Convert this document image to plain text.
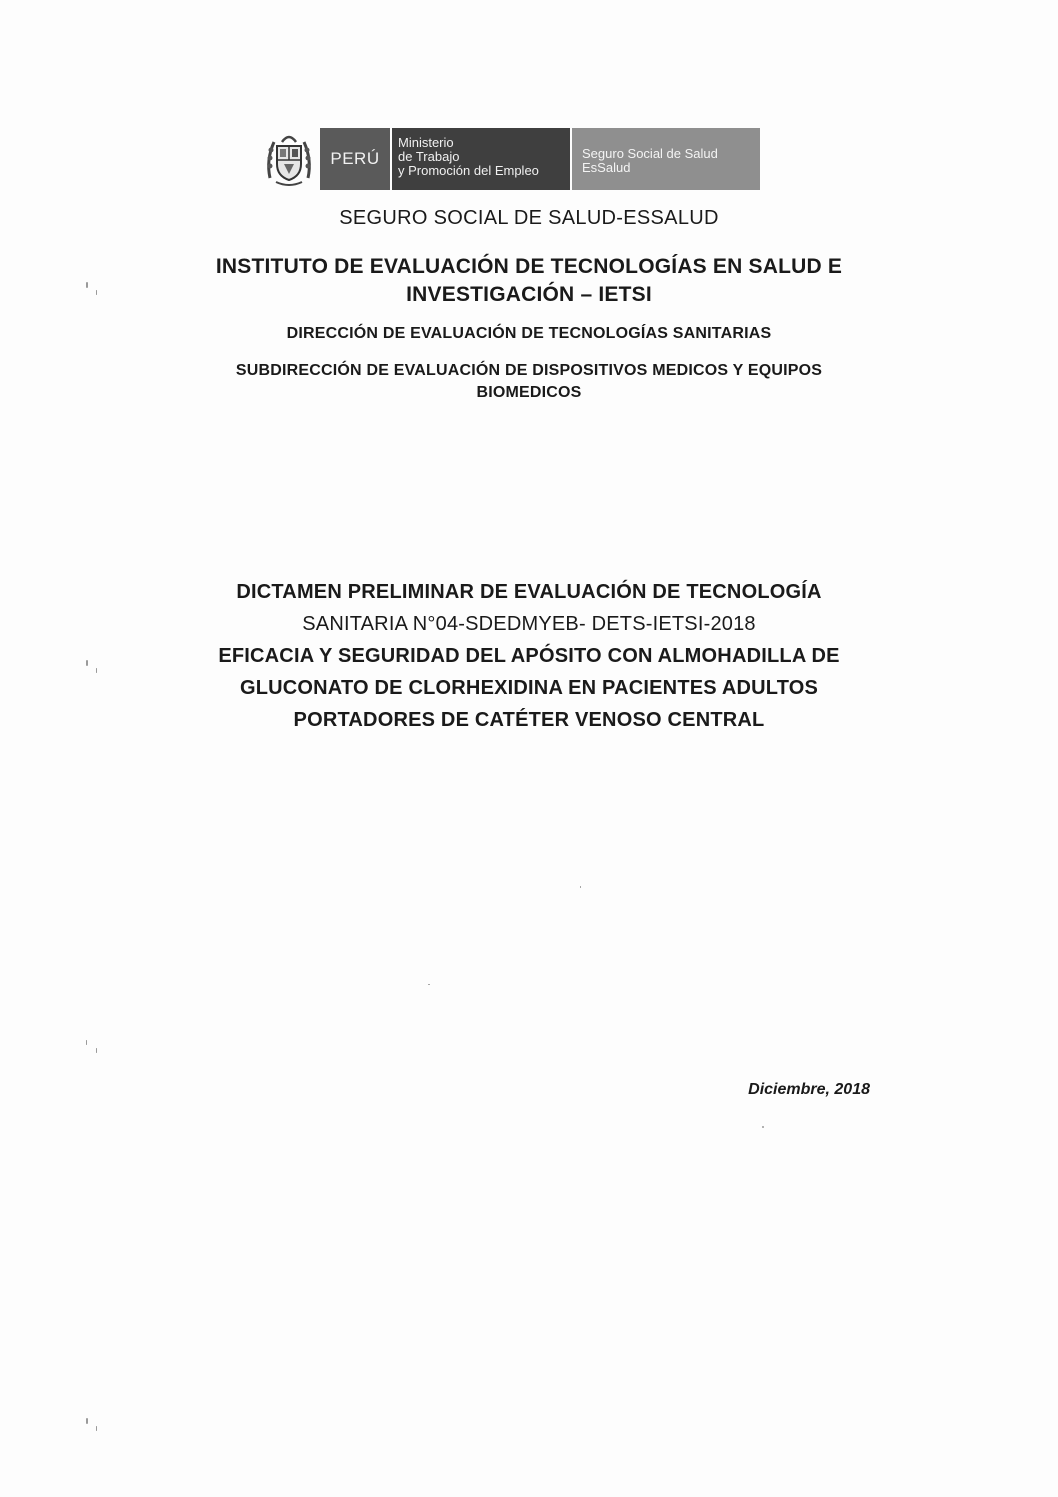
PERÚ
Ministerio
de Trabajo
y Promoción del Empleo
Seguro Social de Salud
EsSalud
SEGURO SOCIAL DE SALUD-ESSALUD
INSTITUTO DE EVALUACIÓN DE TECNOLOGÍAS EN SALUD E
INVESTIGACIÓN – IETSI
DIRECCIÓN DE EVALUACIÓN DE TECNOLOGÍAS SANITARIAS
SUBDIRECCIÓN DE EVALUACIÓN DE DISPOSITIVOS MEDICOS Y EQUIPOS
BIOMEDICOS
DICTAMEN PRELIMINAR DE EVALUACIÓN DE TECNOLOGÍA
SANITARIA N°04-SDEDMYEB- DETS-IETSI-2018
EFICACIA Y SEGURIDAD DEL APÓSITO CON ALMOHADILLA DE
GLUCONATO DE CLORHEXIDINA EN PACIENTES ADULTOS
PORTADORES DE CATÉTER VENOSO CENTRAL
Diciembre, 2018
